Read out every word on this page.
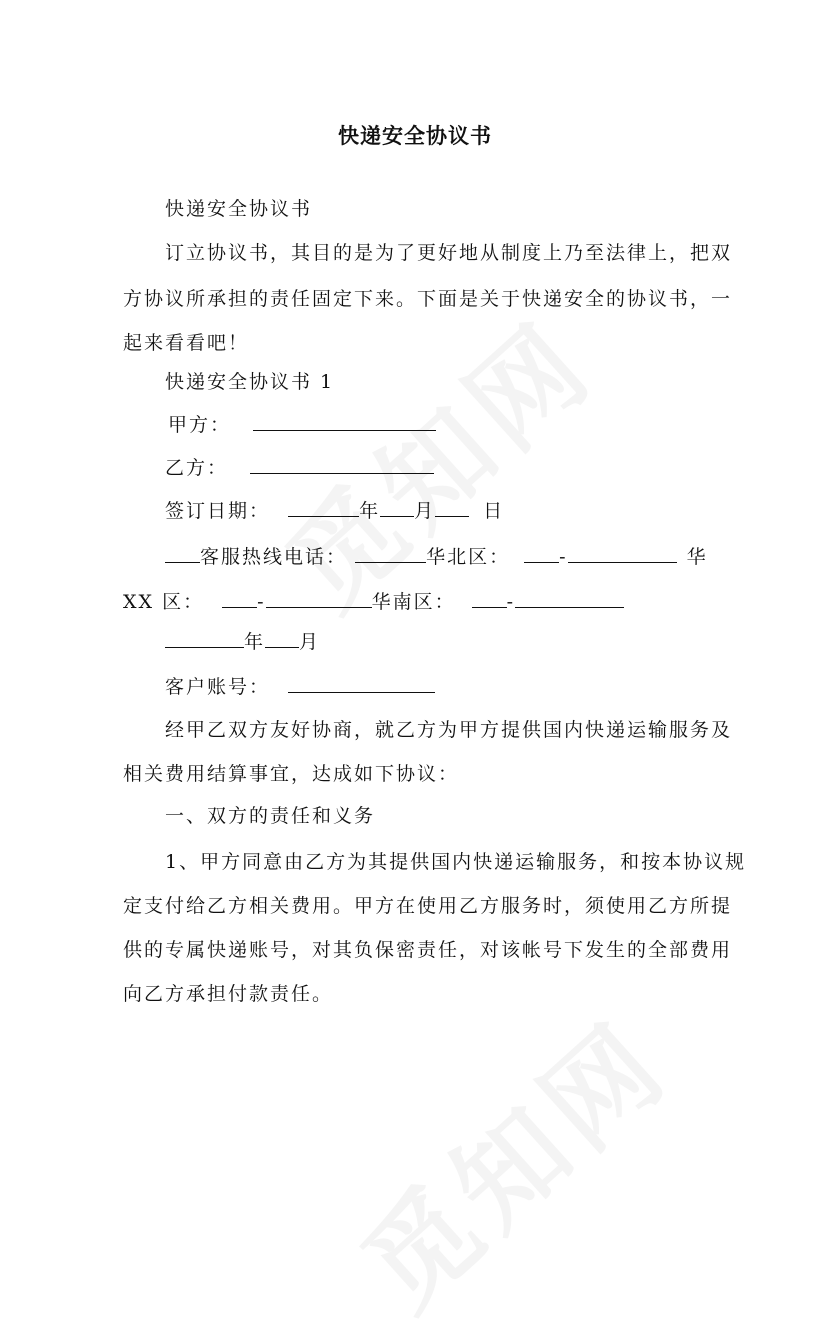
快递安全协议书
快递安全协议书
订立协议书，其目的是为了更好地从制度上乃至法律上，把双
方协议所承担的责任固定下来。下面是关于快递安全的协议书，一
起来看看吧！
快递安全协议书 1
甲方：
乙方：
签订日期：	年 月	日
客服热线电话：	华北区：	-	华
XX 区：	-	华南区：	-
年 月
客户账号：
经甲乙双方友好协商，就乙方为甲方提供国内快递运输服务及
相关费用结算事宜，达成如下协议：
一、双方的责任和义务
1、甲方同意由乙方为其提供国内快递运输服务，和按本协议规
定支付给乙方相关费用。甲方在使用乙方服务时，须使用乙方所提
供的专属快递账号，对其负保密责任，对该帐号下发生的全部费用
向乙方承担付款责任。
